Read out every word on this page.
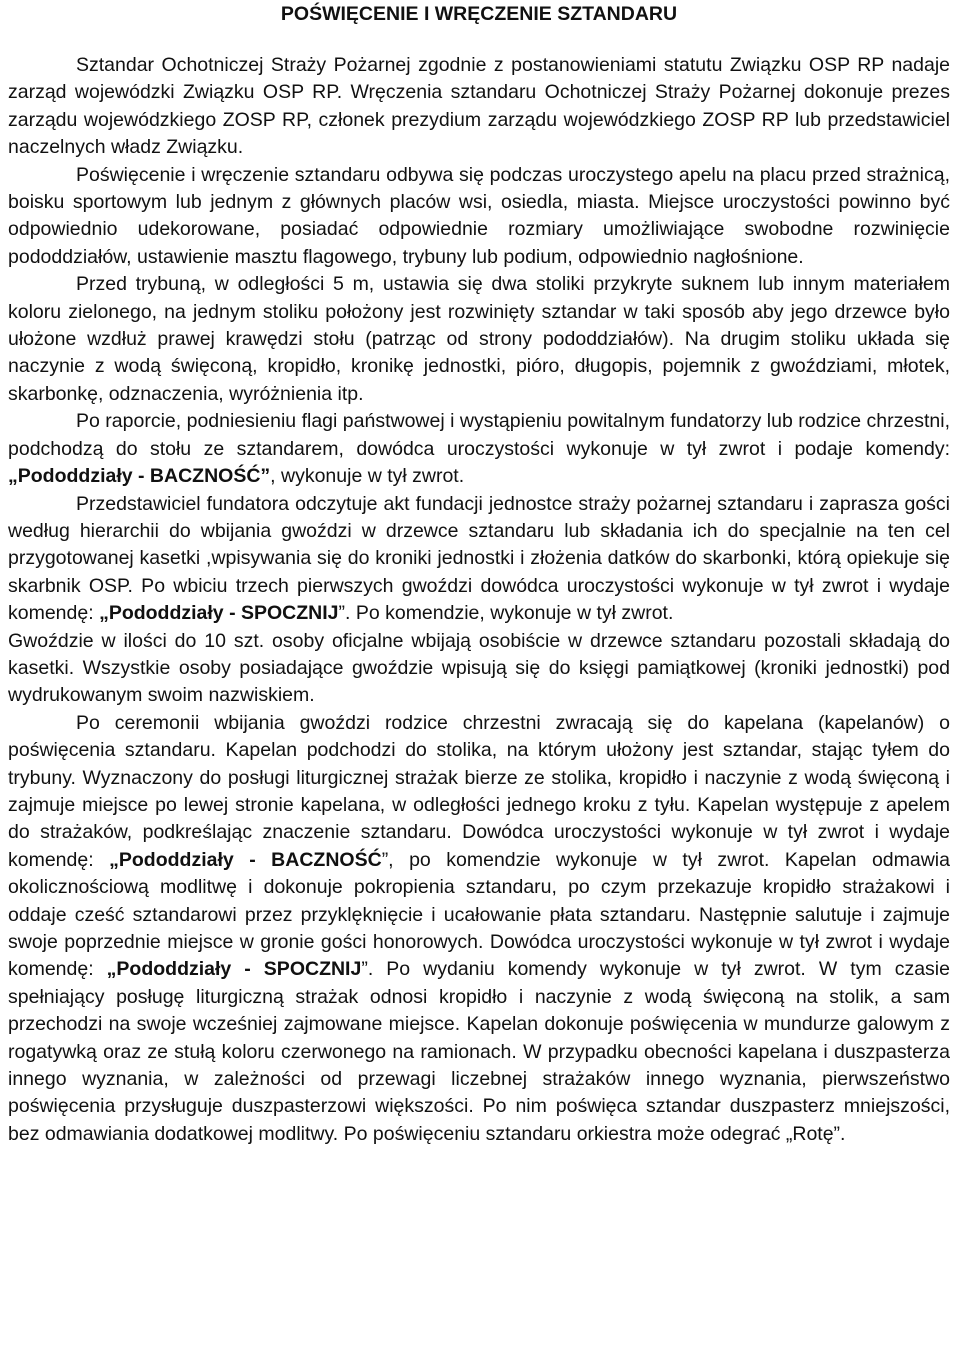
POŚWIĘCENIE I WRĘCZENIE SZTANDARU

Sztandar Ochotniczej Straży Pożarnej zgodnie z postanowieniami statutu Związku OSP RP nadaje zarząd wojewódzki Związku OSP RP. Wręczenia sztandaru Ochotniczej Straży Pożarnej dokonuje prezes zarządu wojewódzkiego ZOSP RP, członek prezydium zarządu wojewódzkiego ZOSP RP lub przedstawiciel naczelnych władz Związku.

Poświęcenie i wręczenie sztandaru odbywa się podczas uroczystego apelu na placu przed strażnicą, boisku sportowym lub jednym z głównych placów wsi, osiedla, miasta. Miejsce uroczystości powinno być odpowiednio udekorowane, posiadać odpowiednie rozmiary umożliwiające swobodne rozwinięcie pododdziałów, ustawienie masztu flagowego, trybuny lub podium, odpowiednio nagłośnione.

Przed trybuną, w odległości 5 m, ustawia się dwa stoliki przykryte suknem lub innym materiałem koloru zielonego, na jednym stoliku położony jest rozwinięty sztandar w taki sposób aby jego drzewce było ułożone wzdłuż prawej krawędzi stołu (patrząc od strony pododdziałów). Na drugim stoliku układa się naczynie z wodą święconą, kropidło, kronikę jednostki, pióro, długopis, pojemnik z gwoździami, młotek, skarbonkę, odznaczenia, wyróżnienia itp.

Po raporcie, podniesieniu flagi państwowej i wystąpieniu powitalnym fundatorzy lub rodzice chrzestni, podchodzą do stołu ze sztandarem, dowódca uroczystości wykonuje w tył zwrot i podaje komendy: „Pododdziały - BACZNOŚĆ”, wykonuje w tył zwrot.

Przedstawiciel fundatora odczytuje akt fundacji jednostce straży pożarnej sztandaru i zaprasza gości według hierarchii do wbijania gwoździ w drzewce sztandaru lub składania ich do specjalnie na ten cel przygotowanej kasetki ,wpisywania się do kroniki jednostki i złożenia datków do skarbonki, którą opiekuje się skarbnik OSP. Po wbiciu trzech pierwszych gwoździ dowódca uroczystości wykonuje w tył zwrot i wydaje komendę: „Pododdziały - SPOCZNIJ”. Po komendzie, wykonuje w tył zwrot.

Gwoździe w ilości do 10 szt. osoby oficjalne wbijają osobiście w drzewce sztandaru pozostali składają do kasetki. Wszystkie osoby posiadające gwoździe wpisują się do księgi pamiątkowej (kroniki jednostki) pod wydrukowanym swoim nazwiskiem.

Po ceremonii wbijania gwoździ rodzice chrzestni zwracają się do kapelana (kapelanów) o poświęcenia sztandaru. Kapelan podchodzi do stolika, na którym ułożony jest sztandar, stając tyłem do trybuny. Wyznaczony do posługi liturgicznej strażak bierze ze stolika, kropidło i naczynie z wodą święconą i zajmuje miejsce po lewej stronie kapelana, w odległości jednego kroku z tyłu. Kapelan występuje z apelem do strażaków, podkreślając znaczenie sztandaru. Dowódca uroczystości wykonuje w tył zwrot i wydaje komendę: „Pododdziały - BACZNOŚĆ”, po komendzie wykonuje w tył zwrot. Kapelan odmawia okolicznościową modlitwę i dokonuje pokropienia sztandaru, po czym przekazuje kropidło strażakowi i oddaje cześć sztandarowi przez przyklęknięcie i ucałowanie płata sztandaru. Następnie salutuje i zajmuje swoje poprzednie miejsce w gronie gości honorowych. Dowódca uroczystości wykonuje w tył zwrot i wydaje komendę: „Pododdziały - SPOCZNIJ”. Po wydaniu komendy wykonuje w tył zwrot. W tym czasie spełniający posługę liturgiczną strażak odnosi kropidło i naczynie z wodą święconą na stolik, a sam przechodzi na swoje wcześniej zajmowane miejsce. Kapelan dokonuje poświęcenia w mundurze galowym z rogatywką oraz ze stułą koloru czerwonego na ramionach. W przypadku obecności kapelana i duszpasterza innego wyznania, w zależności od przewagi liczebnej strażaków innego wyznania, pierwszeństwo poświęcenia przysługuje duszpasterzowi większości. Po nim poświęca sztandar duszpasterz mniejszości, bez odmawiania dodatkowej modlitwy. Po poświęceniu sztandaru orkiestra może odegrać „Rotę”.
